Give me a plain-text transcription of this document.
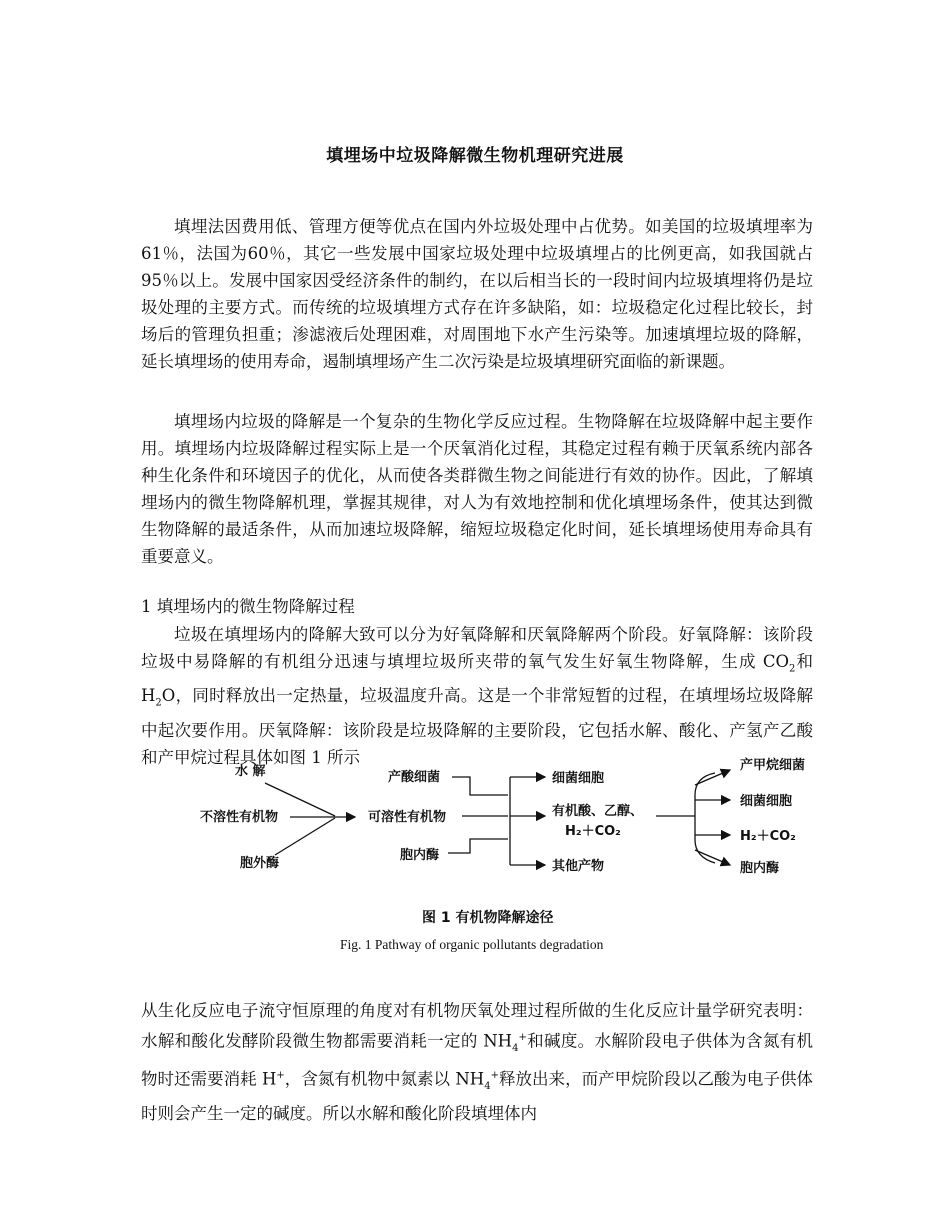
填埋场中垃圾降解微生物机理研究进展

填埋法因费用低、管理方便等优点在国内外垃圾处理中占优势。如美国的垃圾填埋率为61％，法国为60％，其它一些发展中国家垃圾处理中垃圾填埋占的比例更高，如我国就占95％以上。发展中国家因受经济条件的制约，在以后相当长的一段时间内垃圾填埋将仍是垃圾处理的主要方式。而传统的垃圾填埋方式存在许多缺陷，如：垃圾稳定化过程比较长，封场后的管理负担重；渗滤液后处理困难，对周围地下水产生污染等。加速填埋垃圾的降解，延长填埋场的使用寿命，遏制填埋场产生二次污染是垃圾填埋研究面临的新课题。

填埋场内垃圾的降解是一个复杂的生物化学反应过程。生物降解在垃圾降解中起主要作用。填埋场内垃圾降解过程实际上是一个厌氧消化过程，其稳定过程有赖于厌氧系统内部各种生化条件和环境因子的优化，从而使各类群微生物之间能进行有效的协作。因此，了解填埋场内的微生物降解机理，掌握其规律，对人为有效地控制和优化填埋场条件，使其达到微生物降解的最适条件，从而加速垃圾降解，缩短垃圾稳定化时间，延长填埋场使用寿命具有重要意义。

1 填埋场内的微生物降解过程

垃圾在填埋场内的降解大致可以分为好氧降解和厌氧降解两个阶段。好氧降解：该阶段垃圾中易降解的有机组分迅速与填埋垃圾所夹带的氧气发生好氧生物降解，生成 $CO_2$和 $H_2O$，同时释放出一定热量，垃圾温度升高。这是一个非常短暂的过程，在填埋场垃圾降解中起次要作用。厌氧降解：该阶段是垃圾降解的主要阶段，它包括水解、酸化、产氢产乙酸和产甲烷过程具体如图 1 所示

水 解
不溶性有机物
胞外酶
产酸细菌
可溶性有机物
胞内酶
细菌细胞
有机酸、乙醇、
H₂＋CO₂
其他产物
产甲烷细菌
细菌细胞
H₂＋CO₂
胞内酶
图 1 有机物降解途径
Fig. 1 Pathway of organic pollutants degradation

从生化反应电子流守恒原理的角度对有机物厌氧处理过程所做的生化反应计量学研究表明：水解和酸化发酵阶段微生物都需要消耗一定的 $NH_4^+$和碱度。水解阶段电子供体为含氮有机物时还需要消耗 H+，含氮有机物中氮素以 $NH_4^+$释放出来，而产甲烷阶段以乙酸为电子供体时则会产生一定的碱度。所以水解和酸化阶段填埋体内
